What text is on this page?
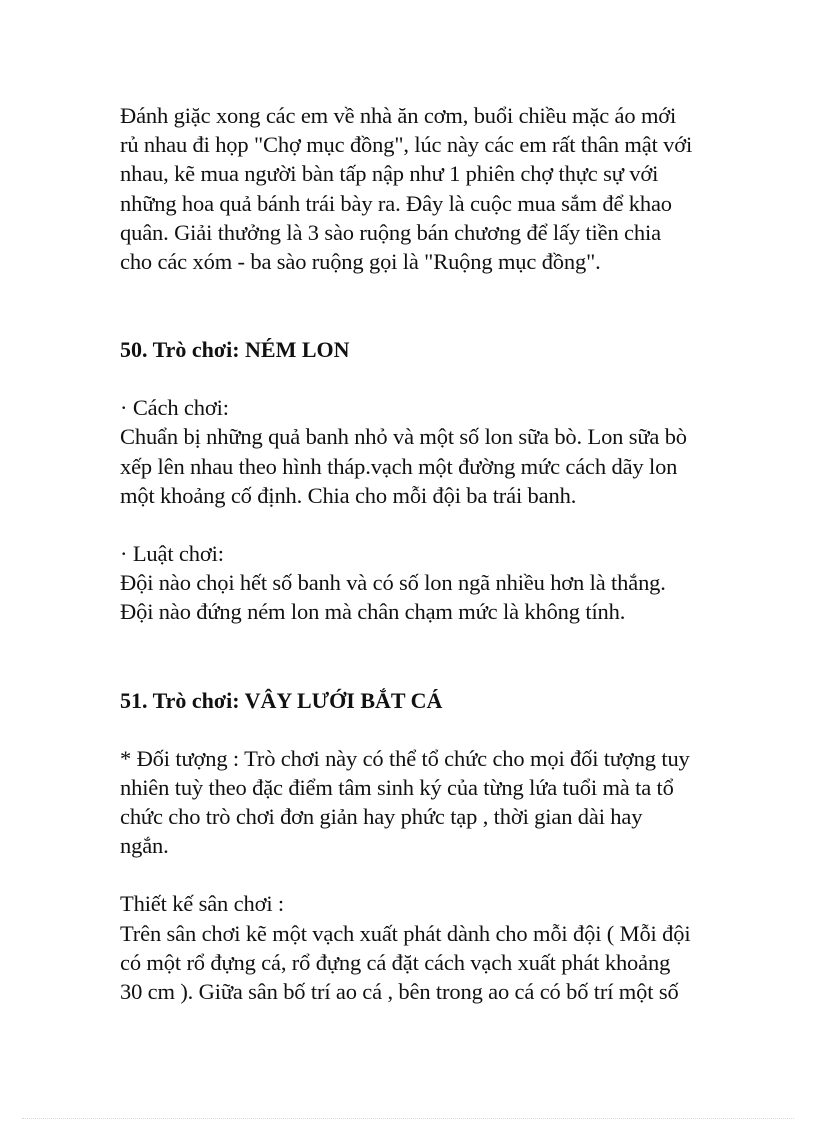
Đánh giặc xong các em về nhà ăn cơm, buổi chiều mặc áo mới
rủ nhau đi họp "Chợ mục đồng", lúc này các em rất thân mật với
nhau, kẽ mua người bàn tấp nập như 1 phiên chợ thực sự với
những hoa quả bánh trái bày ra. Đây là cuộc mua sắm để khao
quân. Giải thưởng là 3 sào ruộng bán chương để lấy tiền chia
cho các xóm - ba sào ruộng gọi là "Ruộng mục đồng".

50. Trò chơi: NÉM LON

· Cách chơi:

Chuẩn bị những quả banh nhỏ và một số lon sữa bò. Lon sữa bò
xếp lên nhau theo hình tháp.vạch một đường mức cách dãy lon
một khoảng cố định. Chia cho mỗi đội ba trái banh.

· Luật chơi:

Đội nào chọi hết số banh và có số lon ngã nhiều hơn là thắng.
Đội nào đứng ném lon mà chân chạm mức là không tính.

51. Trò chơi: VÂY LƯỚI BẮT CÁ

* Đối tượng : Trò chơi này có thể tổ chức cho mọi đối tượng tuy
nhiên tuỳ theo đặc điểm tâm sinh ký của từng lứa tuổi mà ta tổ
chức cho trò chơi đơn giản hay phức tạp , thời gian dài hay
ngắn.

Thiết kế sân chơi :

Trên sân chơi kẽ một vạch xuất phát dành cho mỗi đội ( Mỗi đội
có một rổ đựng cá, rổ đựng cá đặt cách vạch xuất phát khoảng
30 cm ). Giữa sân bố trí ao cá , bên trong ao cá có bố trí một số
